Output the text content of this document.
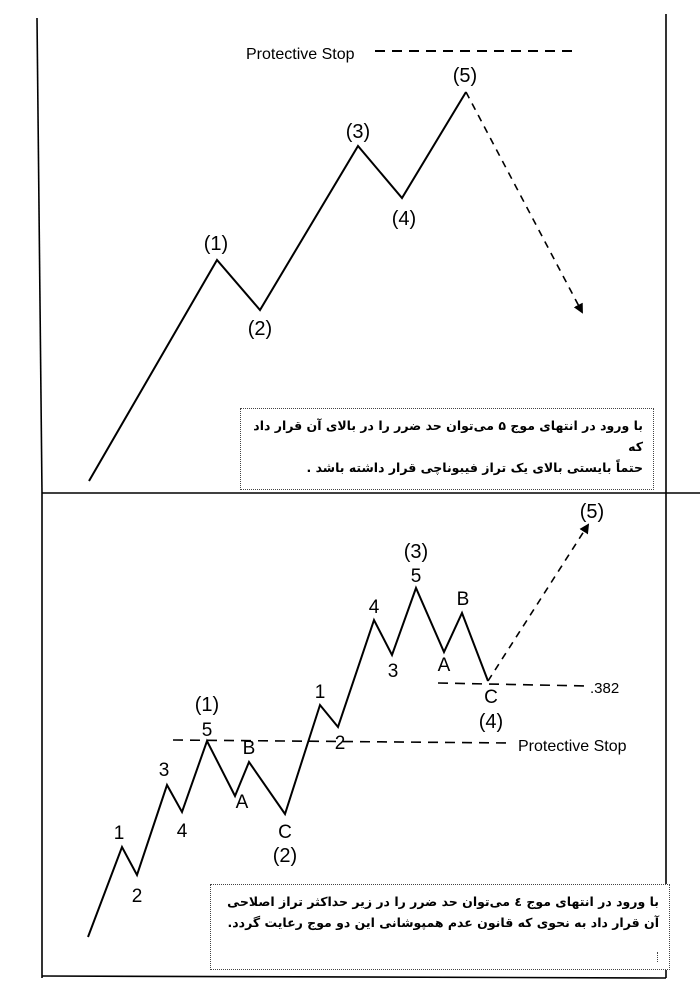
Protective Stop
(1)
(2)
(3)
(4)
(5)
Protective Stop
.382
1
2
3
4
5
(1)
A
B
C
(2)
1
2
3
4
5
(3)
A
B
C
(4)
(5)

با ورود در انتهای موج ۵ می‌توان حد ضرر را در بالای آن قرار داد که

حتماً بایستی بالای یک تراز فیبوناچی قرار داشته باشد .

با ورود در انتهای موج ٤ می‌توان حد ضرر را در زیر حداکثر تراز اصلاحی

آن قرار داد به نحوی که قانون عدم همپوشانی این دو موج رعایت گردد.
